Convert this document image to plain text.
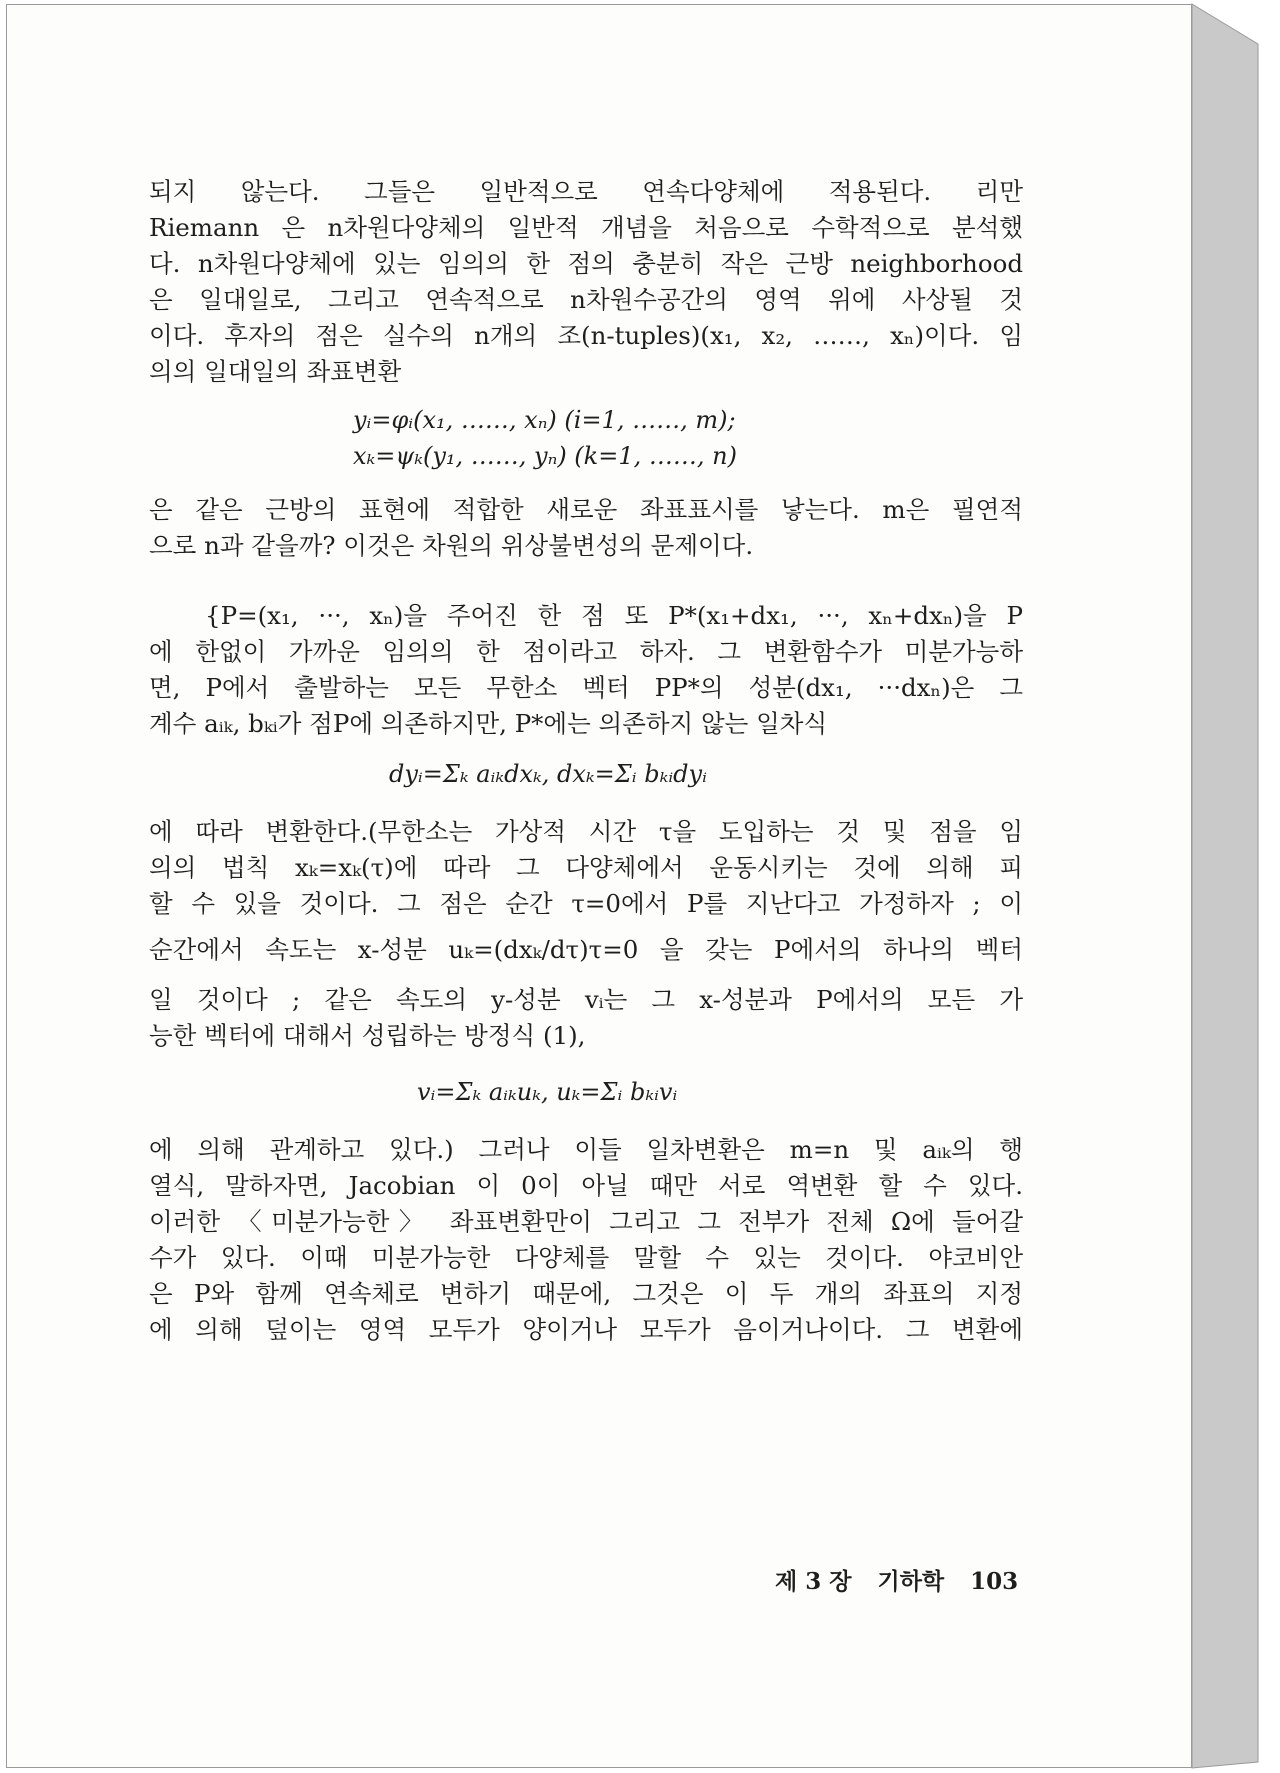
되지 않는다. 그들은 일반적으로 연속다양체에 적용된다. 리만
Riemann 은 n차원다양체의 일반적 개념을 처음으로 수학적으로 분석했
다. n차원다양체에 있는 임의의 한 점의 충분히 작은 근방 neighborhood
은 일대일로, 그리고 연속적으로 n차원수공간의 영역 위에 사상될 것
이다. 후자의 점은 실수의 n개의 조(n-tuples)(x₁, x₂, ……, xₙ)이다. 임
의의 일대일의 좌표변환
yᵢ=φᵢ(x₁, ……, xₙ) (i=1, ……, m);
xₖ=ψₖ(y₁, ……, yₙ) (k=1, ……, n)
은 같은 근방의 표현에 적합한 새로운 좌표표시를 낳는다. m은 필연적
으로 n과 같을까? 이것은 차원의 위상불변성의 문제이다.
{P=(x₁, ···, xₙ)을 주어진 한 점 또 P*(x₁+dx₁, ···, xₙ+dxₙ)을 P
에 한없이 가까운 임의의 한 점이라고 하자. 그 변환함수가 미분가능하
면, P에서 출발하는 모든 무한소 벡터 PP*의 성분(dx₁, ···dxₙ)은 그
계수 aᵢₖ, bₖᵢ가 점P에 의존하지만, P*에는 의존하지 않는 일차식
dyᵢ=Σₖ aᵢₖdxₖ, dxₖ=Σᵢ bₖᵢdyᵢ
에 따라 변환한다.(무한소는 가상적 시간 τ을 도입하는 것 및 점을 임
의의 법칙 xₖ=xₖ(τ)에 따라 그 다양체에서 운동시키는 것에 의해 피
할 수 있을 것이다. 그 점은 순간 τ=0에서 P를 지난다고 가정하자 ; 이
순간에서 속도는 x-성분 uₖ=(dxₖ/dτ)τ=0 을 갖는 P에서의 하나의 벡터
일 것이다 ; 같은 속도의 y-성분 vᵢ는 그 x-성분과 P에서의 모든 가
능한 벡터에 대해서 성립하는 방정식 (1),
vᵢ=Σₖ aᵢₖuₖ, uₖ=Σᵢ bₖᵢvᵢ
에 의해 관계하고 있다.) 그러나 이들 일차변환은 m=n 및 aᵢₖ의 행
열식, 말하자면, Jacobian 이 0이 아닐 때만 서로 역변환 할 수 있다.
이러한 〈미분가능한〉 좌표변환만이 그리고 그 전부가 전체 Ω에 들어갈
수가 있다. 이때 미분가능한 다양체를 말할 수 있는 것이다. 야코비안
은 P와 함께 연속체로 변하기 때문에, 그것은 이 두 개의 좌표의 지정
에 의해 덮이는 영역 모두가 양이거나 모두가 음이거나이다. 그 변환에
제 3 장 기하학 103
